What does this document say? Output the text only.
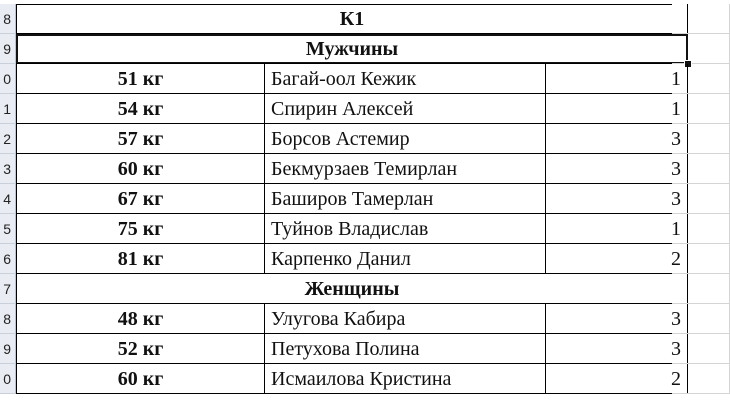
8	К1
9	Мужчины
0	51 кг	Багай-оол Кежик	1
1	54 кг	Спирин Алексей	1
2	57 кг	Борсов Астемир	3
3	60 кг	Бекмурзаев Темирлан	3
4	67 кг	Баширов Тамерлан	3
5	75 кг	Туйнов Владислав	1
6	81 кг	Карпенко Данил	2
7	Женщины
8	48 кг	Улугова Кабира	3
9	52 кг	Петухова Полина	3
0	60 кг	Исмаилова Кристина	2
